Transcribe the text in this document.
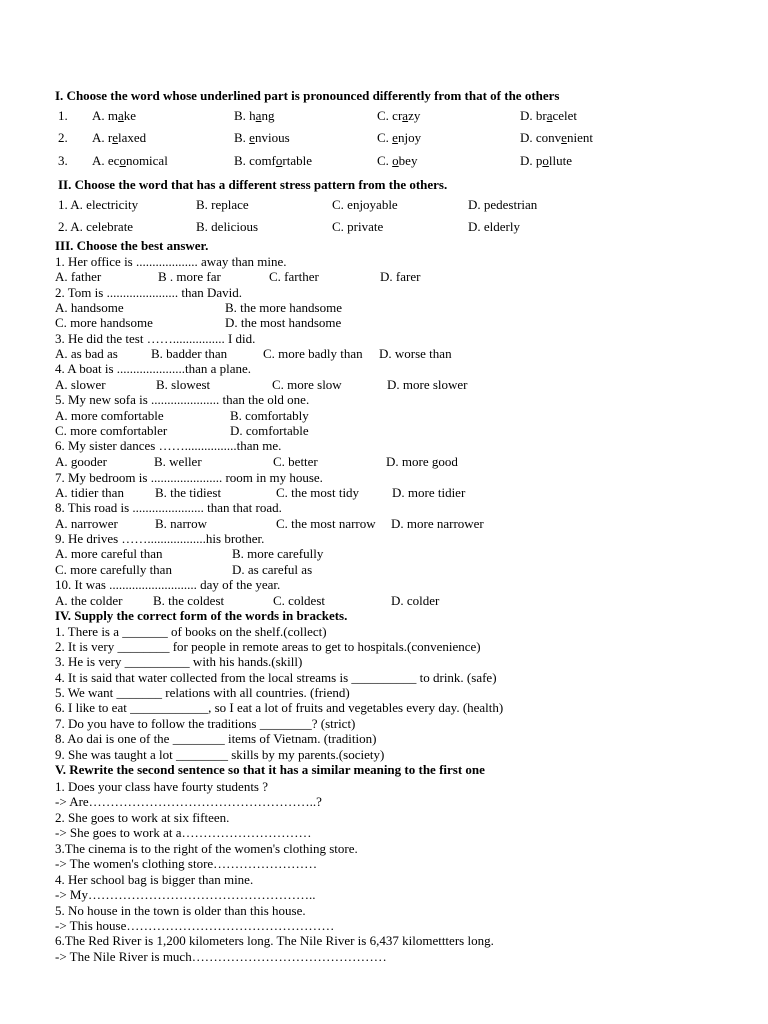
I. Choose the word whose underlined part is pronounced differently from that of the others
1. A. make	B. hang	C. crazy	D. bracelet
2. A. relaxed	B. envious	C. enjoy	D. convenient
3. A. economical	B. comfortable	C. obey	D. pollute
II. Choose the word that has a different stress pattern from the others.
1. A. electricity	B. replace	C. enjoyable	D. pedestrian
2. A. celebrate	B. delicious	C. private	D. elderly
III. Choose the best answer.
1. Her office is ................... away than mine.
A. father	B . more far	C. farther	D. farer
2. Tom is ...................... than David.
A. handsome	B. the more handsome
C. more handsome	D. the most handsome
3. He did the test ……................ I did.
A. as bad as	B. badder than	C. more badly than D. worse than
4. A boat is .....................than a plane.
A. slower	B. slowest	C. more slow	D. more slower
5. My new sofa is ..................... than the old one.
A. more comfortable	B. comfortably
C. more comfortabler	D. comfortable
6. My sister dances ……................than me.
A. gooder	B. weller	C. better	D. more good
7. My bedroom is ...................... room in my house.
A. tidier than B. the tidiest	C. the most tidy	D. more tidier
8. This road is ...................... than that road.
A. narrower	B. narrow	C. the most narrow D. more narrower
9. He drives ……..................his brother.
A. more careful than	B. more carefully
C. more carefully than	D. as careful as
10. It was ........................... day of the year.
A. the colder B. the coldest	C. coldest	D. colder
IV. Supply the correct form of the words in brackets.
1. There is a _______ of books on the shelf.(collect)
2. It is very ________ for people in remote areas to get to hospitals.(convenience)
3. He is very __________ with his hands.(skill)
4. It is said that water collected from the local streams is __________ to drink. (safe)
5. We want _______ relations with all countries. (friend)
6. I like to eat ____________, so I eat a lot of fruits and vegetables every day. (health)
7. Do you have to follow the traditions ________? (strict)
8. Ao dai is one of the ________ items of Vietnam. (tradition)
9. She was taught a lot ________ skills by my parents.(society)
V. Rewrite the second sentence so that it has a similar meaning to the first one
1. Does your class have fourty students ?
-> Are……………………………………………..?
2. She goes to work at six fifteen.
-> She goes to work at a…………………………
3.The cinema is to the right of the women's clothing store.
-> The women's clothing store……………………
4. Her school bag is bigger than mine.
-> My……………………………………………..
5. No house in the town is older than this house.
-> This house…………………………………………
6.The Red River is 1,200 kilometers long. The Nile River is 6,437 kilomettters long.
-> The Nile River is much………………………………………
